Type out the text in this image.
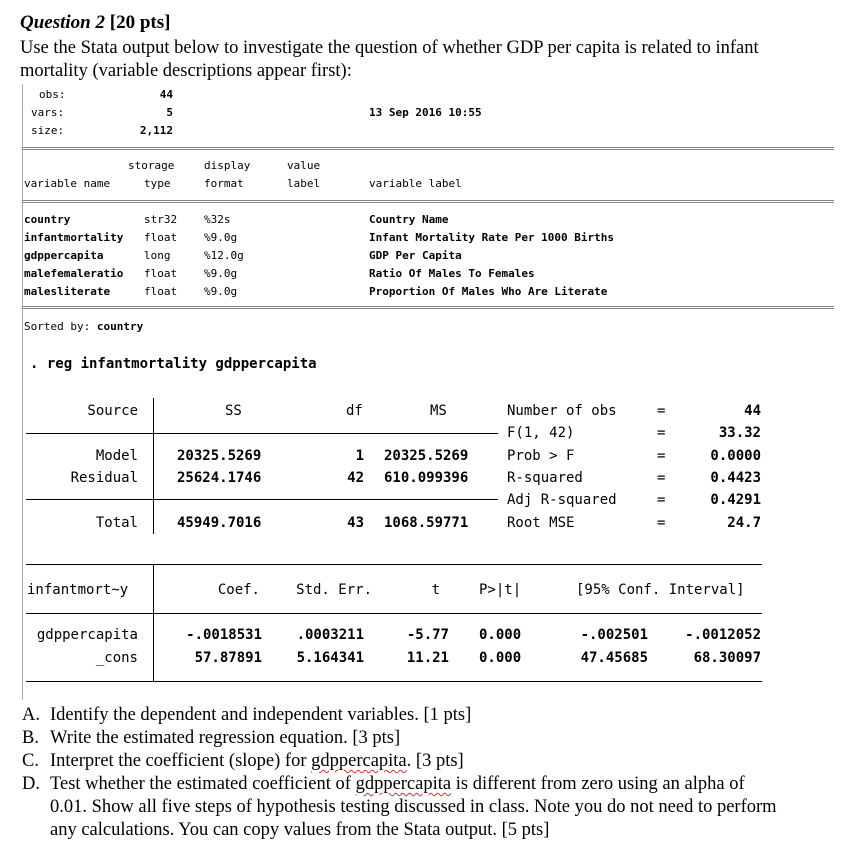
Question 2 [20 pts]
Use the Stata output below to investigate the question of whether GDP per capita is related to infant
mortality (variable descriptions appear first):
obs:	44
vars:	5	13 Sep 2016 10:55
size:	2,112
storage	display	value
variable name	type	format	label	variable label
country	str32 %32s	Country Name
infantmortality float %9.0g	Infant Mortality Rate Per 1000 Births
gdppercapita	long	%12.0g	GDP Per Capita
malefemaleratio float %9.0g	Ratio Of Males To Females
malesliterate	float %9.0g	Proportion Of Males Who Are Literate
Sorted by: country
. reg infantmortality gdppercapita
Source	SS	df	MS
Model	20325.5269	1 20325.5269
Residual	25624.1746	42 610.099396
Total	45949.7016	43 1068.59771
Number of obs	=	44
F(1, 42)	=	33.32
Prob > F	=	0.0000
R-squared	=	0.4423
Adj R-squared	=	0.4291
Root MSE	=	24.7
infantmort~y	Coef.	Std. Err.	t	P>|t|	[95% Conf. Interval]
gdppercapita	-.0018531	.0003211	-5.77 0.000	-.002501	-.0012052
_cons	57.87891	5.164341	11.21 0.000	47.45685	68.30097
A. Identify the dependent and independent variables. [1 pts]
B. Write the estimated regression equation. [3 pts]
C. Interpret the coefficient (slope) for gdppercapita. [3 pts]
D. Test whether the estimated coefficient of gdppercapita is different from zero using an alpha of
0.01. Show all five steps of hypothesis testing discussed in class. Note you do not need to perform
any calculations. You can copy values from the Stata output. [5 pts]
